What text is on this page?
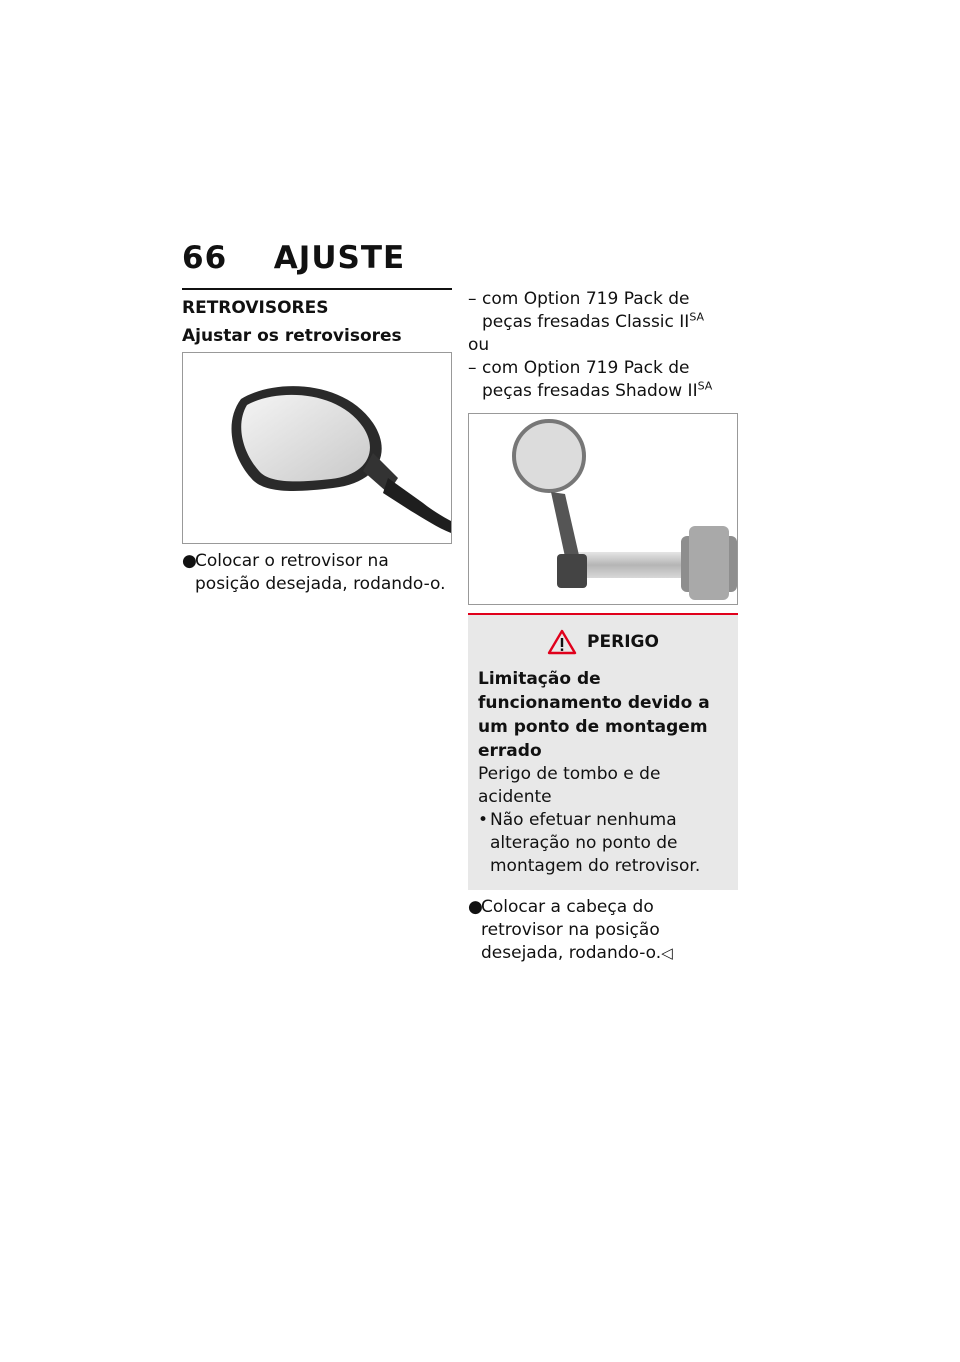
66 AJUSTE
RETROVISORES
Ajustar os retrovisores
●
Colocar o retrovisor na posição desejada, rodando-o.
– com Option 719 Pack de peças fresadas Classic $II^{SA}$
ou
– com Option 719 Pack de peças fresadas Shadow $II^{SA}$
PERIGO
Limitação de funcionamento devido a um ponto de montagem errado
Perigo de tombo e de acidente
• Não efetuar nenhuma alteração no ponto de montagem do retrovisor.
●
Colocar a cabeça do retrovisor na posição desejada, rodando-o.◁
